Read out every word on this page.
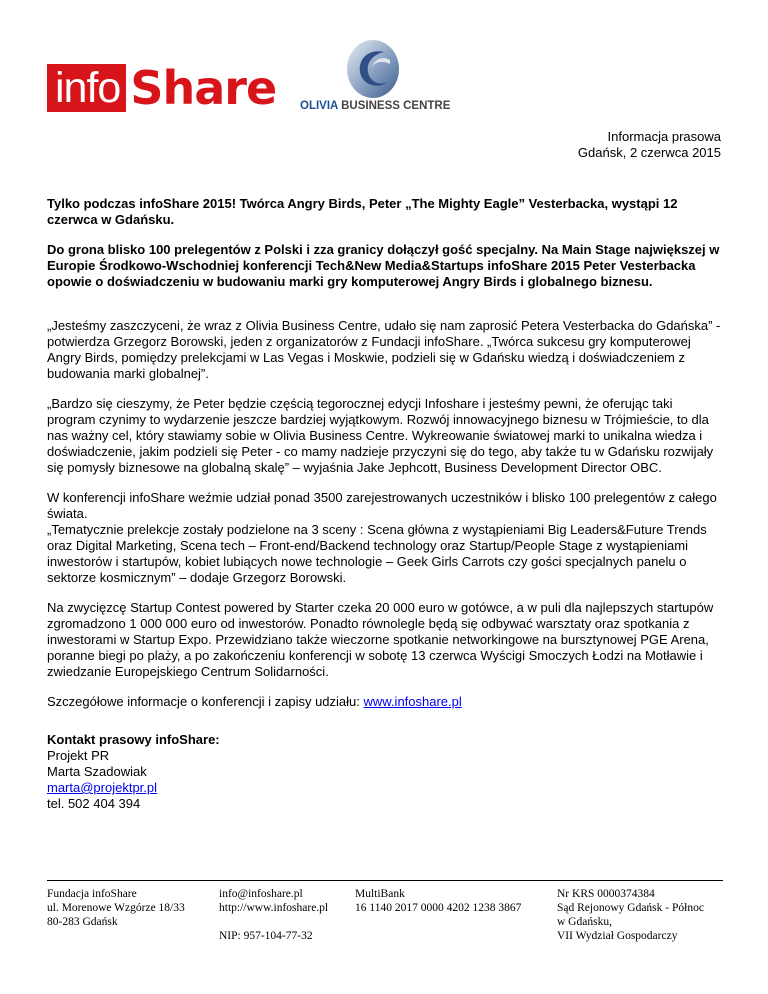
info Share OLIVIA BUSINESS CENTRE
Informacja prasowa
Gdańsk, 2 czerwca 2015

Tylko podczas infoShare 2015! Twórca Angry Birds, Peter „The Mighty Eagle” Vesterbacka, wystąpi 12 czerwca w Gdańsku.

Do grona blisko 100 prelegentów z Polski i zza granicy dołączył gość specjalny. Na Main Stage największej w Europie Środkowo-Wschodniej konferencji Tech&New Media&Startups infoShare 2015 Peter Vesterbacka opowie o doświadczeniu w budowaniu marki gry komputerowej Angry Birds i globalnego biznesu.

„Jesteśmy zaszczyceni, że wraz z Olivia Business Centre, udało się nam zaprosić Petera Vesterbacka do Gdańska” - potwierdza Grzegorz Borowski, jeden z organizatorów z Fundacji infoShare. „Twórca sukcesu gry komputerowej Angry Birds, pomiędzy prelekcjami w Las Vegas i Moskwie, podzieli się w Gdańsku wiedzą i doświadczeniem z budowania marki globalnej”.

„Bardzo się cieszymy, że Peter będzie częścią tegorocznej edycji Infoshare i jesteśmy pewni, że oferując taki program czynimy to wydarzenie jeszcze bardziej wyjątkowym. Rozwój innowacyjnego biznesu w Trójmieście, to dla nas ważny cel, który stawiamy sobie w Olivia Business Centre. Wykreowanie światowej marki to unikalna wiedza i doświadczenie, jakim podzieli się Peter - co mamy nadzieje przyczyni się do tego, aby także tu w Gdańsku rozwijały się pomysły biznesowe na globalną skalę” – wyjaśnia Jake Jephcott, Business Development Director OBC.

W konferencji infoShare weźmie udział ponad 3500 zarejestrowanych uczestników i blisko 100 prelegentów z całego świata.
„Tematycznie prelekcje zostały podzielone na 3 sceny : Scena główna z wystąpieniami Big Leaders&Future Trends oraz Digital Marketing, Scena tech – Front-end/Backend technology oraz Startup/People Stage z wystąpieniami inwestorów i startupów, kobiet lubiących nowe technologie – Geek Girls Carrots czy gości specjalnych panelu o sektorze kosmicznym” – dodaje Grzegorz Borowski.

Na zwycięzcę Startup Contest powered by Starter czeka 20 000 euro w gotówce, a w puli dla najlepszych startupów zgromadzono 1 000 000 euro od inwestorów. Ponadto równolegle będą się odbywać warsztaty oraz spotkania z inwestorami w Startup Expo. Przewidziano także wieczorne spotkanie networkingowe na bursztynowej PGE Arena, poranne biegi po plaży, a po zakończeniu konferencji w sobotę 13 czerwca Wyścigi Smoczych Łodzi na Motławie i zwiedzanie Europejskiego Centrum Solidarności.

Szczegółowe informacje o konferencji i zapisy udziału: www.infoshare.pl

Kontakt prasowy infoShare:
Projekt PR
Marta Szadowiak
marta@projektpr.pl
tel. 502 404 394
Fundacja infoShare
ul. Morenowe Wzgórze 18/33
80-283 Gdańsk
info@infoshare.pl
http://www.infoshare.pl
NIP: 957-104-77-32
MultiBank
16 1140 2017 0000 4202 1238 3867
Nr KRS 0000374384
Sąd Rejonowy Gdańsk - Północ
w Gdańsku,
VII Wydział Gospodarczy
